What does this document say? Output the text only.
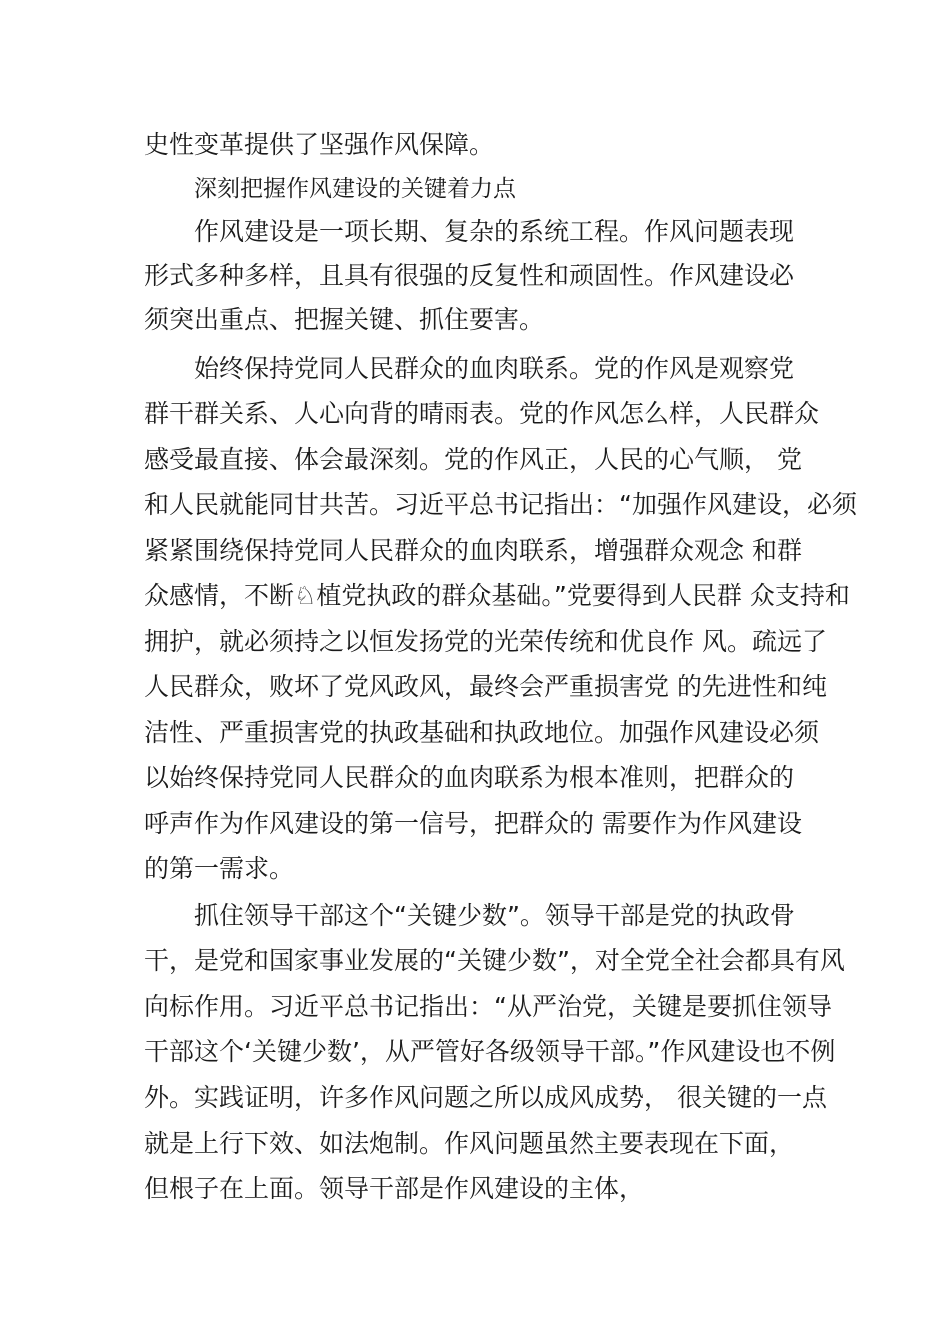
史性变革提供了坚强作风保障。
深刻把握作风建设的关键着力点
作风建设是一项长期、复杂的系统工程。作风问题表现
形式多种多样，且具有很强的反复性和顽固性。作风建设必
须突出重点、把握关键、抓住要害。
始终保持党同人民群众的血肉联系。党的作风是观察党
群干群关系、人心向背的晴雨表。党的作风怎么样，人民群众
感受最直接、体会最深刻。党的作风正，人民的心气顺， 党
和人民就能同甘共苦。习近平总书记指出：“加强作风建设，必须
紧紧围绕保持党同人民群众的血肉联系，增强群众观念 和群
众感情，不断♘植党执政的群众基础。”党要得到人民群 众支持和
拥护，就必须持之以恒发扬党的光荣传统和优良作 风。疏远了
人民群众，败坏了党风政风，最终会严重损害党 的先进性和纯
洁性、严重损害党的执政基础和执政地位。加强作风建设必须
以始终保持党同人民群众的血肉联系为根本准则，把群众的
呼声作为作风建设的第一信号，把群众的 需要作为作风建设
的第一需求。
抓住领导干部这个“关键少数”。领导干部是党的执政骨
干，是党和国家事业发展的“关键少数”，对全党全社会都具有风
向标作用。习近平总书记指出：“从严治党，关键是要抓住领导
干部这个‘关键少数’，从严管好各级领导干部。”作风建设也不例
外。实践证明，许多作风问题之所以成风成势， 很关键的一点
就是上行下效、如法炮制。作风问题虽然主要表现在下面，
但根子在上面。领导干部是作风建设的主体，
